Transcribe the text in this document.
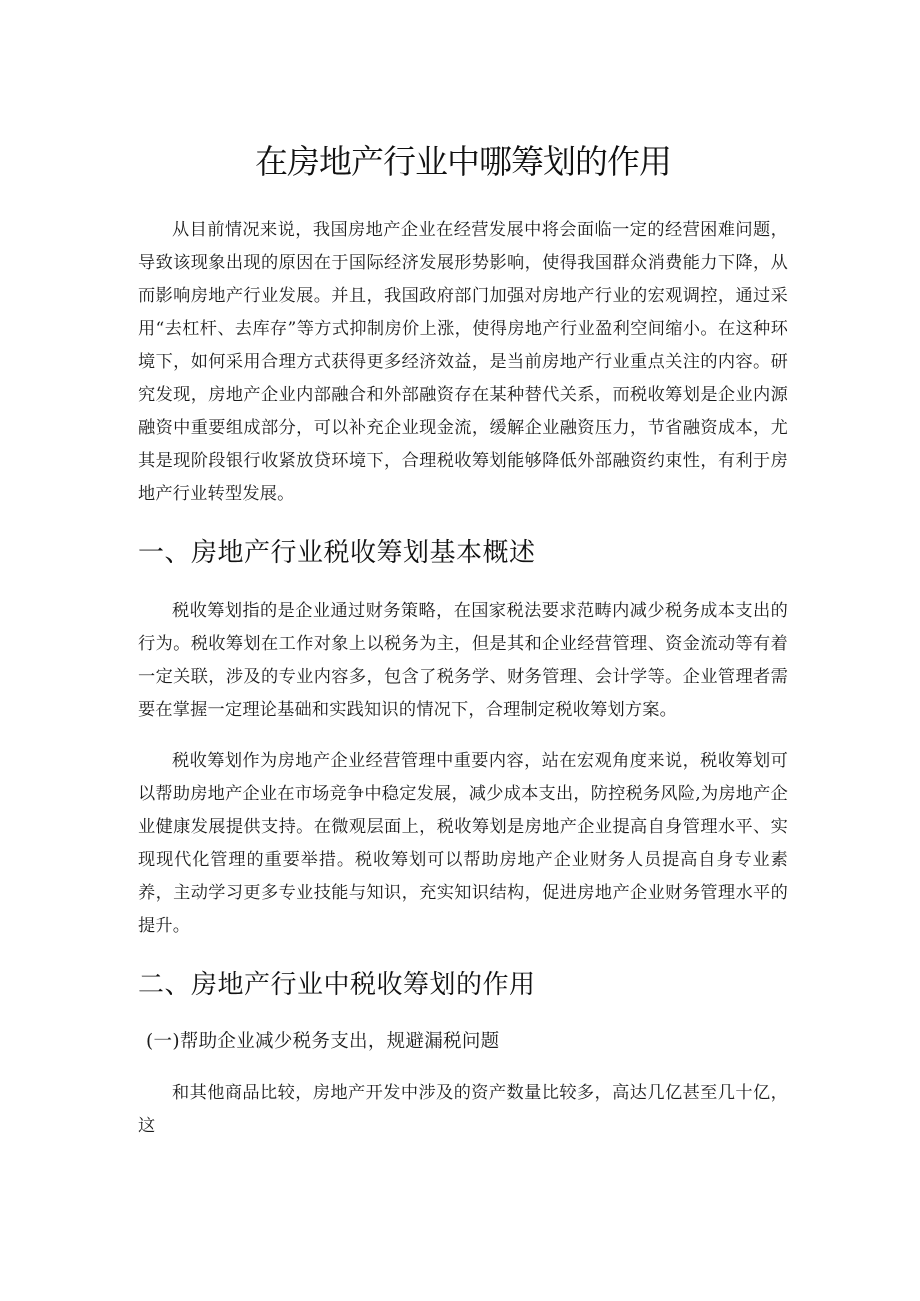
在房地产行业中哪筹划的作用

从目前情况来说，我国房地产企业在经营发展中将会面临一定的经营困难问题，导致该现象出现的原因在于国际经济发展形势影响，使得我国群众消费能力下降，从而影响房地产行业发展。并且，我国政府部门加强对房地产行业的宏观调控，通过采用“去杠杆、去库存”等方式抑制房价上涨，使得房地产行业盈利空间缩小。在这种环境下，如何采用合理方式获得更多经济效益，是当前房地产行业重点关注的内容。研究发现，房地产企业内部融合和外部融资存在某种替代关系，而税收筹划是企业内源融资中重要组成部分，可以补充企业现金流，缓解企业融资压力，节省融资成本，尤其是现阶段银行收紧放贷环境下，合理税收筹划能够降低外部融资约束性，有利于房地产行业转型发展。

一、房地产行业税收筹划基本概述

税收筹划指的是企业通过财务策略，在国家税法要求范畴内减少税务成本支出的行为。税收筹划在工作对象上以税务为主，但是其和企业经营管理、资金流动等有着一定关联，涉及的专业内容多，包含了税务学、财务管理、会计学等。企业管理者需要在掌握一定理论基础和实践知识的情况下，合理制定税收筹划方案。

税收筹划作为房地产企业经营管理中重要内容，站在宏观角度来说，税收筹划可以帮助房地产企业在市场竞争中稳定发展，减少成本支出，防控税务风险,为房地产企业健康发展提供支持。在微观层面上，税收筹划是房地产企业提高自身管理水平、实现现代化管理的重要举措。税收筹划可以帮助房地产企业财务人员提高自身专业素养，主动学习更多专业技能与知识，充实知识结构，促进房地产企业财务管理水平的提升。

二、房地产行业中税收筹划的作用
(一)帮助企业减少税务支出，规避漏税问题

和其他商品比较，房地产开发中涉及的资产数量比较多，高达几亿甚至几十亿，这
